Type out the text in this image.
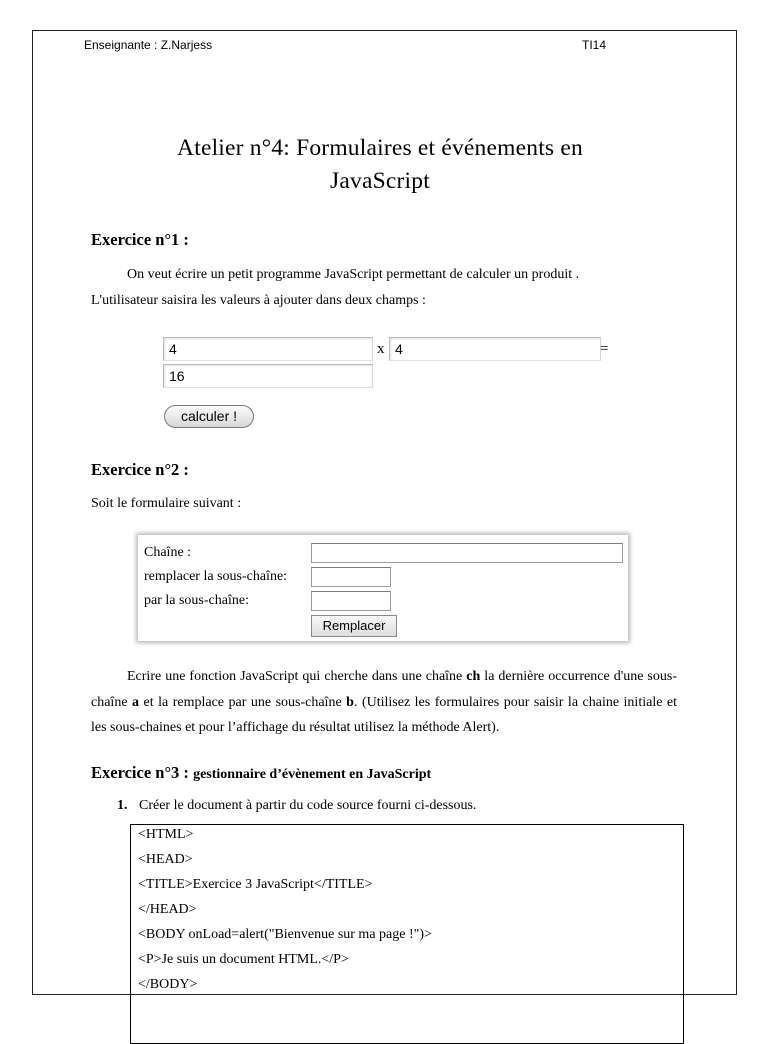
Enseignante : Z.Narjess	TI14
Atelier n°4: Formulaires et événements en
JavaScript
Exercice n°1 :

On veut écrire un petit programme JavaScript permettant de calculer un produit .
L'utilisateur saisira les valeurs à ajouter dans deux champs :

4	x 4	=
16
calculer !
Exercice n°2 :
Soit le formulaire suivant :
Chaîne :
remplacer la sous-chaîne:
par la sous-chaîne:
Remplacer

Ecrire une fonction JavaScript qui cherche dans une chaîne ch la dernière occurrence d'une sous-chaîne a et la remplace par une sous-chaîne b. (Utilisez les formulaires pour saisir la chaine initiale et les sous-chaines et pour l’affichage du résultat utilisez la méthode Alert).

Exercice n°3 : gestionnaire d’évènement en JavaScript
1. Créer le document à partir du code source fourni ci-dessous.
<HTML>
<HEAD>
<TITLE>Exercice 3 JavaScript</TITLE>
</HEAD>
<BODY onLoad=alert("Bienvenue sur ma page !")>
<P>Je suis un document HTML.</P>
</BODY>
